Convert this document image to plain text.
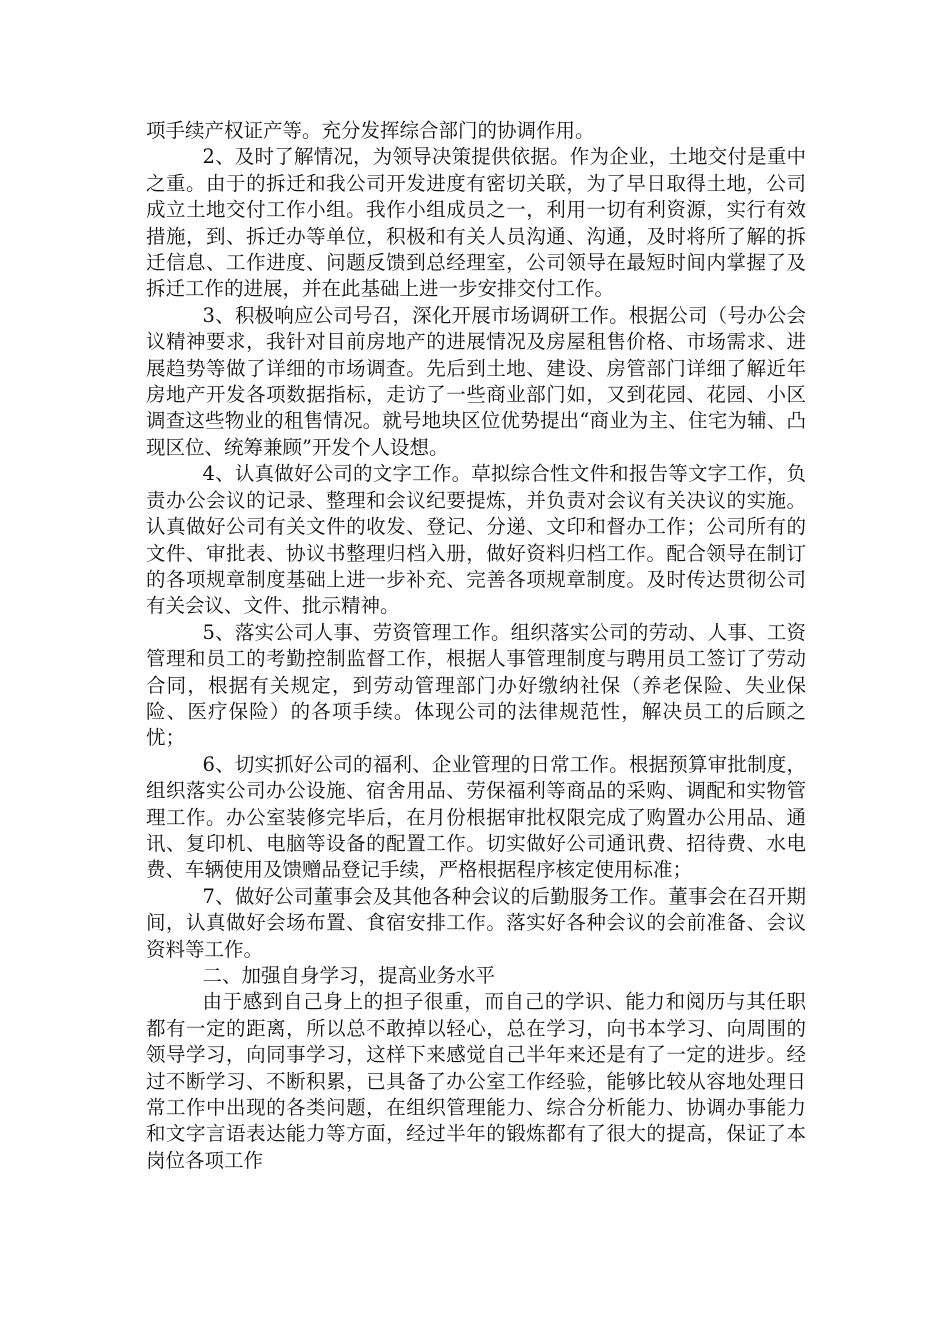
项手续产权证产等。充分发挥综合部门的协调作用。

2、及时了解情况，为领导决策提供依据。作为企业，土地交付是重中之重。由于的拆迁和我公司开发进度有密切关联，为了早日取得土地，公司成立土地交付工作小组。我作小组成员之一，利用一切有利资源，实行有效措施，到、拆迁办等单位，积极和有关人员沟通、沟通，及时将所了解的拆迁信息、工作进度、问题反馈到总经理室，公司领导在最短时间内掌握了及拆迁工作的进展，并在此基础上进一步安排交付工作。

3、积极响应公司号召，深化开展市场调研工作。根据公司（号办公会议精神要求，我针对目前房地产的进展情况及房屋租售价格、市场需求、进展趋势等做了详细的市场调查。先后到土地、建设、房管部门详细了解近年房地产开发各项数据指标，走访了一些商业部门如，又到花园、花园、小区调查这些物业的租售情况。就号地块区位优势提出“商业为主、住宅为辅、凸现区位、统筹兼顾”开发个人设想。

4、认真做好公司的文字工作。草拟综合性文件和报告等文字工作，负责办公会议的记录、整理和会议纪要提炼，并负责对会议有关决议的实施。认真做好公司有关文件的收发、登记、分递、文印和督办工作；公司所有的文件、审批表、协议书整理归档入册，做好资料归档工作。配合领导在制订的各项规章制度基础上进一步补充、完善各项规章制度。及时传达贯彻公司有关会议、文件、批示精神。

5、落实公司人事、劳资管理工作。组织落实公司的劳动、人事、工资管理和员工的考勤控制监督工作，根据人事管理制度与聘用员工签订了劳动合同，根据有关规定，到劳动管理部门办好缴纳社保（养老保险、失业保险、医疗保险）的各项手续。体现公司的法律规范性，解决员工的后顾之忧；

6、切实抓好公司的福利、企业管理的日常工作。根据预算审批制度，组织落实公司办公设施、宿舍用品、劳保福利等商品的采购、调配和实物管理工作。办公室装修完毕后，在月份根据审批权限完成了购置办公用品、通讯、复印机、电脑等设备的配置工作。切实做好公司通讯费、招待费、水电费、车辆使用及馈赠品登记手续，严格根据程序核定使用标准；

7、做好公司董事会及其他各种会议的后勤服务工作。董事会在召开期间，认真做好会场布置、食宿安排工作。落实好各种会议的会前准备、会议资料等工作。

二、加强自身学习，提高业务水平

由于感到自己身上的担子很重，而自己的学识、能力和阅历与其任职都有一定的距离，所以总不敢掉以轻心，总在学习，向书本学习、向周围的领导学习，向同事学习，这样下来感觉自己半年来还是有了一定的进步。经过不断学习、不断积累，已具备了办公室工作经验，能够比较从容地处理日常工作中出现的各类问题，在组织管理能力、综合分析能力、协调办事能力和文字言语表达能力等方面，经过半年的锻炼都有了很大的提高，保证了本岗位各项工作
